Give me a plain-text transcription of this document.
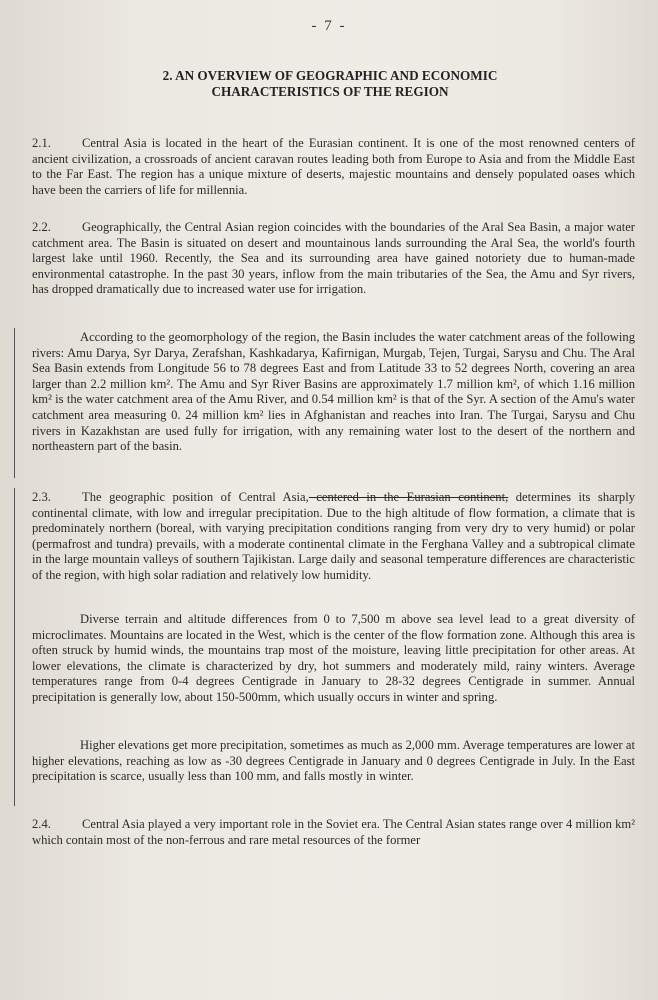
- 7 -
2. AN OVERVIEW OF GEOGRAPHIC AND ECONOMIC
CHARACTERISTICS OF THE REGION
2.1. Central Asia is located in the heart of the Eurasian continent. It is one of the most renowned centers of ancient civilization, a crossroads of ancient caravan routes leading both from Europe to Asia and from the Middle East to the Far East. The region has a unique mixture of deserts, majestic mountains and densely populated oases which have been the carriers of life for millennia.
2.2. Geographically, the Central Asian region coincides with the boundaries of the Aral Sea Basin, a major water catchment area. The Basin is situated on desert and mountainous lands surrounding the Aral Sea, the world's fourth largest lake until 1960. Recently, the Sea and its surrounding area have gained notoriety due to human-made environmental catastrophe. In the past 30 years, inflow from the main tributaries of the Sea, the Amu and Syr rivers, has dropped dramatically due to increased water use for irrigation.
According to the geomorphology of the region, the Basin includes the water catchment areas of the following rivers: Amu Darya, Syr Darya, Zerafshan, Kashkadarya, Kafirnigan, Murgab, Tejen, Turgai, Sarysu and Chu. The Aral Sea Basin extends from Longitude 56 to 78 degrees East and from Latitude 33 to 52 degrees North, covering an area larger than 2.2 million km². The Amu and Syr River Basins are approximately 1.7 million km², of which 1.16 million km² is the water catchment area of the Amu River, and 0.54 million km² is that of the Syr. A section of the Amu's water catchment area measuring 0. 24 million km² lies in Afghanistan and reaches into Iran. The Turgai, Sarysu and Chu rivers in Kazakhstan are used fully for irrigation, with any remaining water lost to the desert of the northern and northeastern part of the basin.
2.3. The geographic position of Central Asia, centered in the Eurasian continent, determines its sharply continental climate, with low and irregular precipitation. Due to the high altitude of flow formation, a climate that is predominately northern (boreal, with varying precipitation conditions ranging from very dry to very humid) or polar (permafrost and tundra) prevails, with a moderate continental climate in the Ferghana Valley and a subtropical climate in the large mountain valleys of southern Tajikistan. Large daily and seasonal temperature differences are characteristic of the region, with high solar radiation and relatively low humidity.
Diverse terrain and altitude differences from 0 to 7,500 m above sea level lead to a great diversity of microclimates. Mountains are located in the West, which is the center of the flow formation zone. Although this area is often struck by humid winds, the mountains trap most of the moisture, leaving little precipitation for other areas. At lower elevations, the climate is characterized by dry, hot summers and moderately mild, rainy winters. Average temperatures range from 0-4 degrees Centigrade in January to 28-32 degrees Centigrade in summer. Annual precipitation is generally low, about 150-500mm, which usually occurs in winter and spring.
Higher elevations get more precipitation, sometimes as much as 2,000 mm. Average temperatures are lower at higher elevations, reaching as low as -30 degrees Centigrade in January and 0 degrees Centigrade in July. In the East precipitation is scarce, usually less than 100 mm, and falls mostly in winter.
2.4. Central Asia played a very important role in the Soviet era. The Central Asian states range over 4 million km² which contain most of the non-ferrous and rare metal resources of the former
